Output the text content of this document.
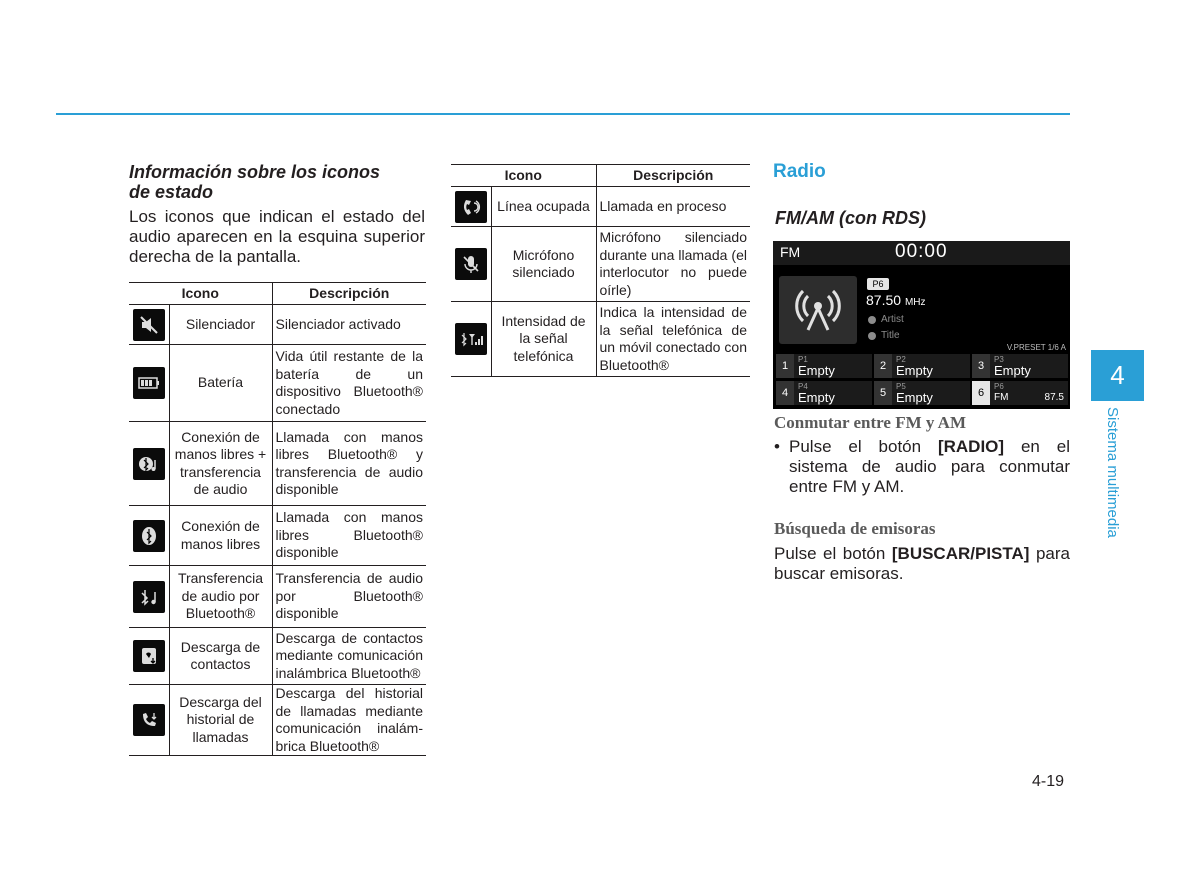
Información sobre los iconos
de estado
Los iconos que indican el estado del audio aparecen en la esquina superior derecha de la pantalla.
Icono		Descripción

	Silenciador	Silenciador activado

	Batería	Vida útil restante de la batería de un dispositivo Bluetooth® conectado

	Conexión de manos libres + transferencia de audio	Llamada con manos libres Bluetooth® y transferencia de audio disponible

	Conexión de manos libres	Llamada con manos libres Bluetooth® disponible

	Transferencia de audio por Bluetooth®	Transferencia de audio por Bluetooth® disponible

	Descarga de contactos	Descarga de contactos mediante comunicación inalámbrica Bluetooth®

	Descarga del historial de llamadas	Descarga del historial de llamadas mediante comunicación inalám-brica Bluetooth®
Icono		Descripción

	Línea ocupada	Llamada en proceso

	Micrófono silenciado	Micrófono silenciado durante una llamada (el interlocutor no puede oírle)

	Intensidad de la señal telefónica	Indica la intensidad de la señal telefónica de un móvil conectado con Bluetooth®
Radio
FM/AM (con RDS)
FM	00:00
P6
87.50 MHz
Artist
Title
V.PRESET 1/6 A
1
P1
Empty	2
P2
Empty	3
P3
Empty
4
P4
Empty	5
P5
Empty	6
P6
FM	87.5
Conmutar entre FM y AM
• Pulse el botón [RADIO] en el sistema de audio para conmutar entre FM y AM.
Búsqueda de emisoras
Pulse el botón [BUSCAR/PISTA] para buscar emisoras.
4
Sistema multimedia
4-19
